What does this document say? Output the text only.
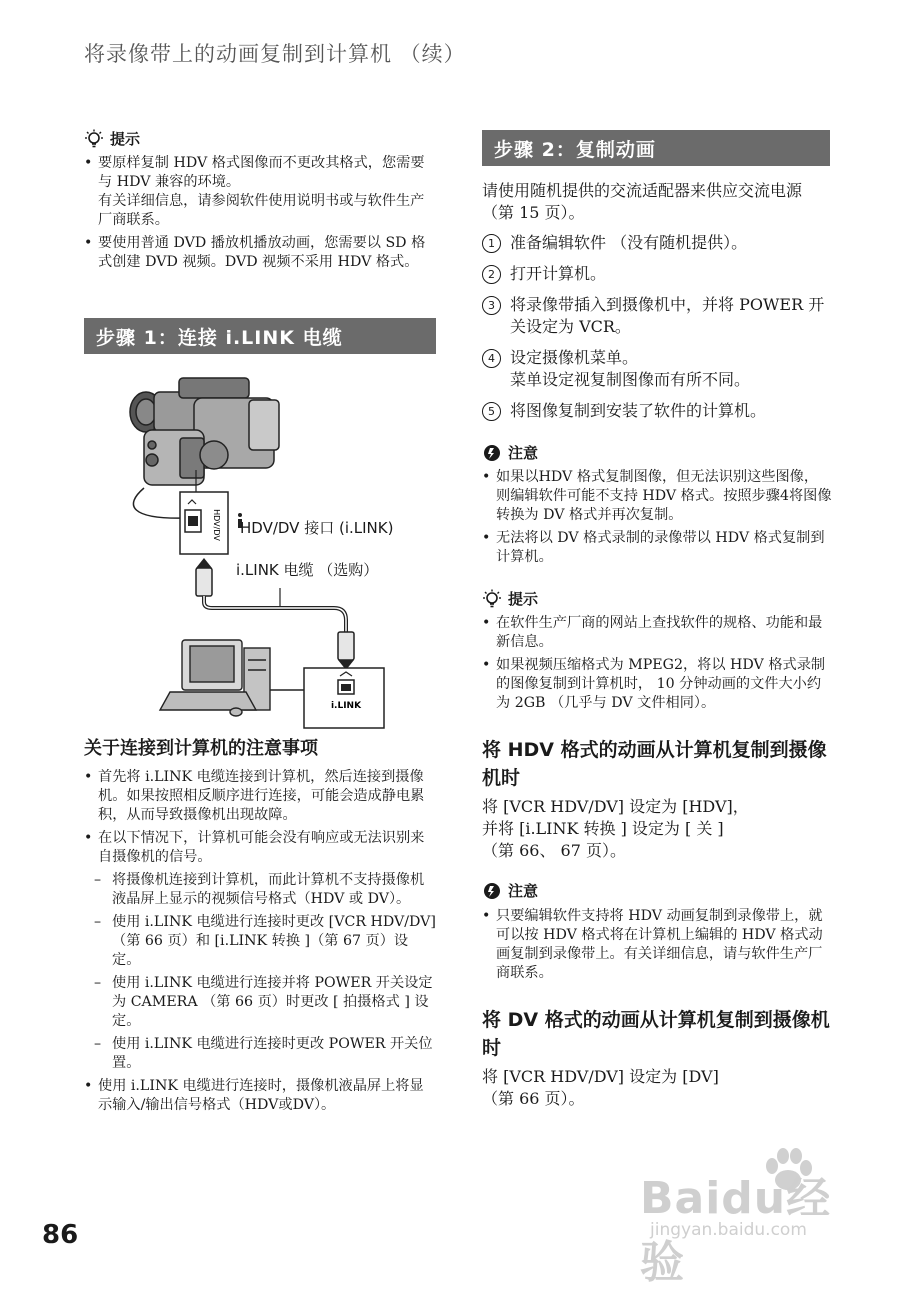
将录像带上的动画复制到计算机 （续）
提示
• 要原样复制 HDV 格式图像而不更改其格式，您需要与 HDV 兼容的环境。
有关详细信息，请参阅软件使用说明书或与软件生产厂商联系。
• 要使用普通 DVD 播放机播放动画，您需要以 SD 格式创建 DVD 视频。DVD 视频不采用 HDV 格式。
步骤 1：连接 i.LINK 电缆
HDV/DV
i.LINK
HDV/DV 接口 (i.LINK)
i.LINK 电缆 （选购）
关于连接到计算机的注意事项
• 首先将 i.LINK 电缆连接到计算机，然后连接到摄像机。如果按照相反顺序进行连接，可能会造成静电累积，从而导致摄像机出现故障。
• 在以下情况下，计算机可能会没有响应或无法识别来自摄像机的信号。
– 将摄像机连接到计算机，而此计算机不支持摄像机液晶屏上显示的视频信号格式（HDV 或 DV）。
– 使用 i.LINK 电缆进行连接时更改 [VCR HDV/DV] （第 66 页）和 [i.LINK 转换 ]（第 67 页）设定。
– 使用 i.LINK 电缆进行连接并将 POWER 开关设定为 CAMERA （第 66 页）时更改 [ 拍摄格式 ] 设定。
– 使用 i.LINK 电缆进行连接时更改 POWER 开关位置。
• 使用 i.LINK 电缆进行连接时，摄像机液晶屏上将显示输入/输出信号格式（HDV或DV）。
步骤 2：复制动画
请使用随机提供的交流适配器来供应交流电源 （第 15 页）。
1 准备编辑软件 （没有随机提供）。
2 打开计算机。
3 将录像带插入到摄像机中，并将 POWER 开关设定为 VCR。
4 设定摄像机菜单。
菜单设定视复制图像而有所不同。
5 将图像复制到安装了软件的计算机。
注意
• 如果以HDV 格式复制图像，但无法识别这些图像，则编辑软件可能不支持 HDV 格式。按照步骤4将图像转换为 DV 格式并再次复制。
• 无法将以 DV 格式录制的录像带以 HDV 格式复制到计算机。
提示
• 在软件生产厂商的网站上查找软件的规格、功能和最新信息。
• 如果视频压缩格式为 MPEG2，将以 HDV 格式录制的图像复制到计算机时， 10 分钟动画的文件大小约为 2GB （几乎与 DV 文件相同）。
将 HDV 格式的动画从计算机复制到摄像机时
将 [VCR HDV/DV] 设定为 [HDV]，
并将 [i.LINK 转换 ] 设定为 [ 关 ]
（第 66、 67 页）。
注意
• 只要编辑软件支持将 HDV 动画复制到录像带上，就可以按 HDV 格式将在计算机上编辑的 HDV 格式动画复制到录像带上。有关详细信息，请与软件生产厂商联系。
将 DV 格式的动画从计算机复制到摄像机时
将 [VCR HDV/DV] 设定为 [DV]
（第 66 页）。
86
Baidu经验
jingyan.baidu.com
